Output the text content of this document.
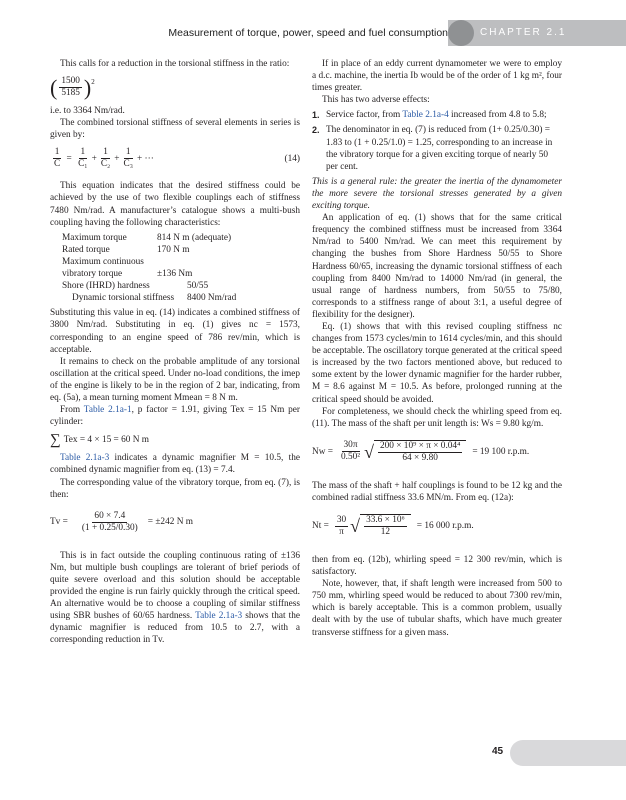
Measurement of torque, power, speed and fuel consumption	CHAPTER 2.1

This calls for a reduction in the torsional stiffness in the ratio:

( $\frac{1500}{5185} )^2$

i.e. to 3364 Nm/rad.

The combined torsional stiffness of several elements in series is given by:

$\frac{1}{C} = \frac{1}{\text{C₁}} + \frac{1}{\text{C₂}} + \frac{1}{\text{C₃}}$ + ···	(14)

This equation indicates that the desired stiffness could be achieved by the use of two flexible couplings each of stiffness 7480 Nm/rad. A manufacturer’s catalogue shows a multi-bush coupling having the following characteristics:

Maximum torque	814 N m (adequate)
Rated torque	170 N m
Maximum continuous
vibratory torque	±136 Nm
Shore (IHRD) hardness	50/55
Dynamic torsional stiffness	8400 Nm/rad

Substituting this value in eq. (14) indicates a combined stiffness of 3800 Nm/rad. Substituting in eq. (1) gives nc = 1573, corresponding to an engine speed of 786 rev/min, which is acceptable.

It remains to check on the probable amplitude of any torsional oscillation at the critical speed. Under no-load conditions, the imep of the engine is likely to be in the region of 2 bar, indicating, from eq. (5a), a mean turning moment Mmean = 8 N m.

From Table 2.1a-1, p factor = 1.91, giving Tex = 15 Nm per cylinder:

∑ Tex = 4 × 15 = 60 N m

Table 2.1a-3 indicates a dynamic magnifier M = 10.5, the combined dynamic magnifier from eq. (13) = 7.4.

The corresponding value of the vibratory torque, from eq. (7), is then:

$Tv = \frac{60 \times 7.4}{(1 + 0.25/0.30)} = \pm 242$ N m

This is in fact outside the coupling continuous rating of ±136 Nm, but multiple bush couplings are tolerant of brief periods of quite severe overload and this solution should be acceptable provided the engine is run fairly quickly through the critical speed. An alternative would be to choose a coupling of similar stiffness using SBR bushes of 60/65 hardness. Table 2.1a-3 shows that the dynamic magnifier is reduced from 10.5 to 2.7, with a corresponding reduction in Tv.

If in place of an eddy current dynamometer we were to employ a d.c. machine, the inertia Ib would be of the order of 1 kg m², four times greater.

This has two adverse effects:

1. Service factor, from Table 2.1a-4 increased from 4.8 to 5.8;
2. The denominator in eq. (7) is reduced from (1+ 0.25/0.30) = 1.83 to (1 + 0.25/1.0) = 1.25, corresponding to an increase in the vibratory torque for a given exciting torque of nearly 50 per cent.

This is a general rule: the greater the inertia of the dynamometer the more severe the torsional stresses generated by a given exciting torque.

An application of eq. (1) shows that for the same critical frequency the combined stiffness must be increased from 3364 Nm/rad to 5400 Nm/rad. We can meet this requirement by changing the bushes from Shore Hardness 50/55 to Shore Hardness 60/65, increasing the dynamic torsional stiffness of each coupling from 8400 Nm/rad to 14000 Nm/rad (in general, the usual range of hardness numbers, from 50/55 to 75/80, corresponds to a stiffness range of about 3:1, a useful degree of flexibility for the designer).

Eq. (1) shows that with this revised coupling stiffness nc changes from 1573 cycles/min to 1614 cycles/min, and this should be acceptable. The oscillatory torque generated at the critical speed is increased by the two factors mentioned above, but reduced to some extent by the lower dynamic magnifier for the harder rubber, M = 8.6 against M = 10.5. As before, prolonged running at the critical speed should be avoided.

For completeness, we should check the whirling speed from eq. (11). The mass of the shaft per unit length is: Ws = 9.80 kg/m.

$Nw = \frac{30\pi}{\text{0.50²}}$ √ $\frac{\text{200 × 10⁹ × π × 0.04⁴}}{64 \times 9.80} = 19$ 100 r.p.m.

The mass of the shaft + half couplings is found to be 12 kg and the combined radial stiffness 33.6 MN/m. From eq. (12a):

$Nt = \frac{30}{\pi}$ √ $\frac{\text{33.6 × 10⁶}}{12} = 16$ 000 r.p.m.

then from eq. (12b), whirling speed = 12 300 rev/min, which is satisfactory.

Note, however, that, if shaft length were increased from 500 to 750 mm, whirling speed would be reduced to about 7300 rev/min, which is barely acceptable. This is a common problem, usually dealt with by the use of tubular shafts, which have much greater transverse stiffness for a given mass.

45
